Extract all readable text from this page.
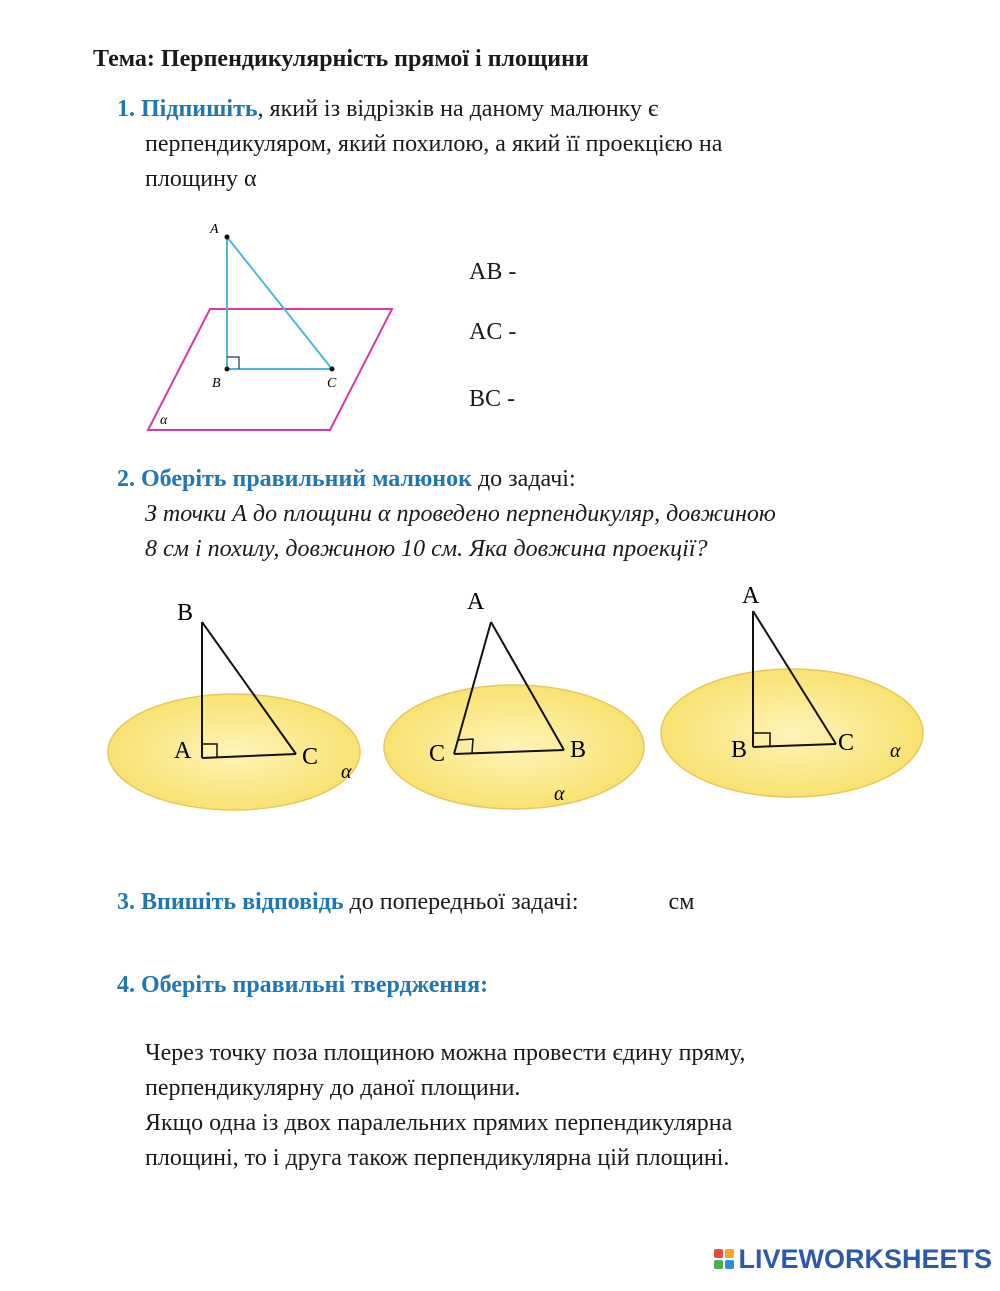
Тема: Перпендикулярність прямої і площини
1. Підпишіть, який із відрізків на даному малюнку є
перпендикуляром, який похилою, а який її проекцією на
площину α
A
B	C
α
AB -
AC -
BC -
2. Оберіть правильний малюнок до задачі:
З точки А до площини α проведено перпендикуляр, довжиною
8 см і похилу, довжиною 10 см. Яка довжина проекції?
B
A	C
α
A
C	B
α
A
B	C α
3. Впишіть відповідь до попередньої задачі:	см
4. Оберіть правильні твердження:
Через точку поза площиною можна провести єдину пряму,
перпендикулярну до даної площини.
Якщо одна із двох паралельних прямих перпендикулярна
площині, то і друга також перпендикулярна цій площині.
LIVEWORKSHEETS
